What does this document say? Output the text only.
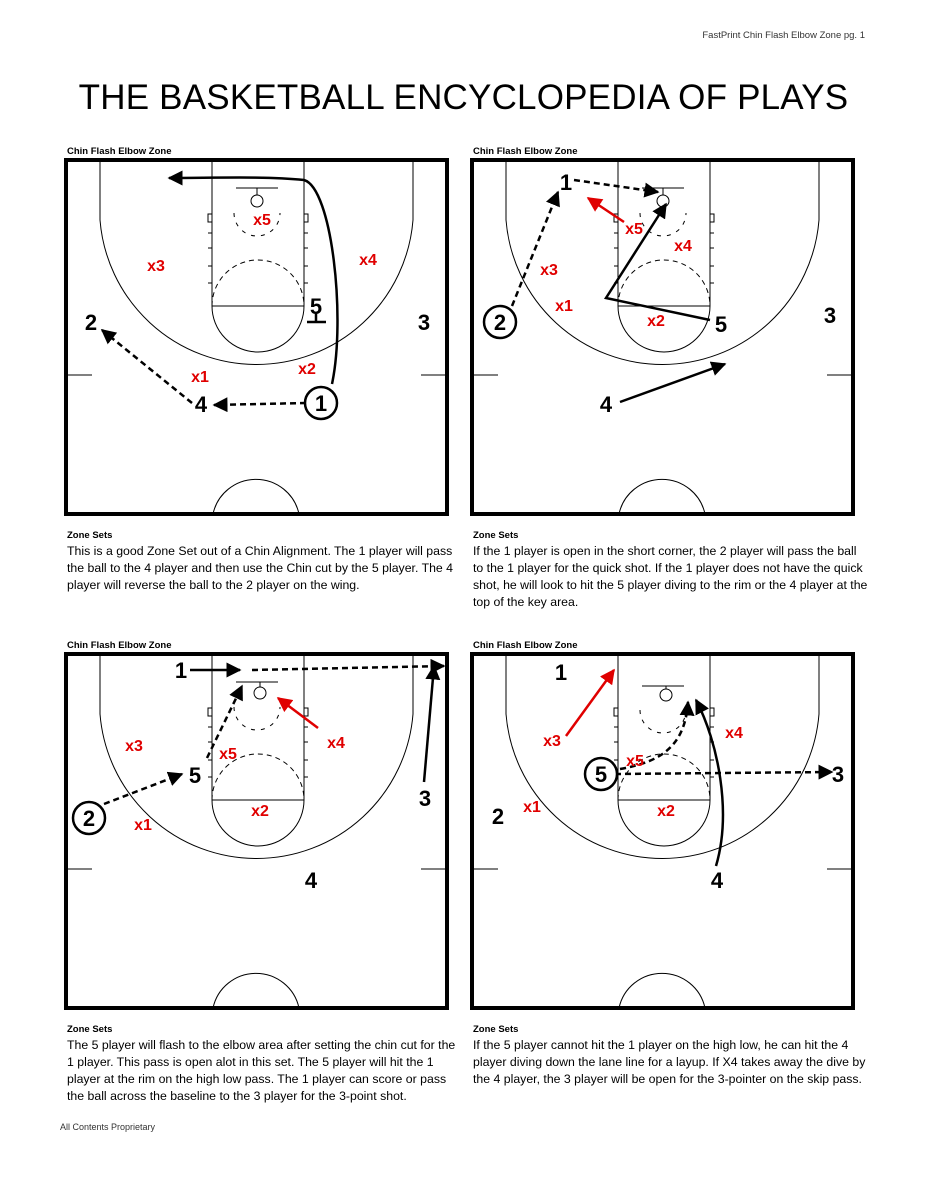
FastPrint Chin Flash Elbow Zone pg. 1
THE BASKETBALL ENCYCLOPEDIA OF PLAYS
Chin Flash Elbow Zone
1
2	3
4
5
x1	x2
x3	x4
x5
Zone Sets
This is a good Zone Set out of a Chin Alignment. The 1 player will pass the ball to the 4 player and then use the Chin cut by the 5 player. The 4 player will reverse the ball to the 2 player on the wing.
Chin Flash Elbow Zone
1
2	3
4
5
x1
x2
x3
x4
x5
Zone Sets
If the 1 player is open in the short corner, the 2 player will pass the ball to the 1 player for the quick shot. If the 1 player does not have the quick shot, he will look to hit the 5 player diving to the rim or the 4 player at the top of the key area.
Chin Flash Elbow Zone
1
2
3
4
5
x1
x2
x3	x4
x5
Zone Sets
The 5 player will flash to the elbow area after setting the chin cut for the 1 player. This pass is open alot in this set. The 5 player will hit the 1 player at the rim on the high low pass. The 1 player can score or pass the ball across the baseline to the 3 player for the 3-point shot.
Chin Flash Elbow Zone
1
2
3
4
5
x1	x2
x3	x4
x5
Zone Sets
If the 5 player cannot hit the 1 player on the high low, he can hit the 4 player diving down the lane line for a layup. If X4 takes away the dive by the 4 player, the 3 player will be open for the 3-pointer on the skip pass.
All Contents Proprietary
